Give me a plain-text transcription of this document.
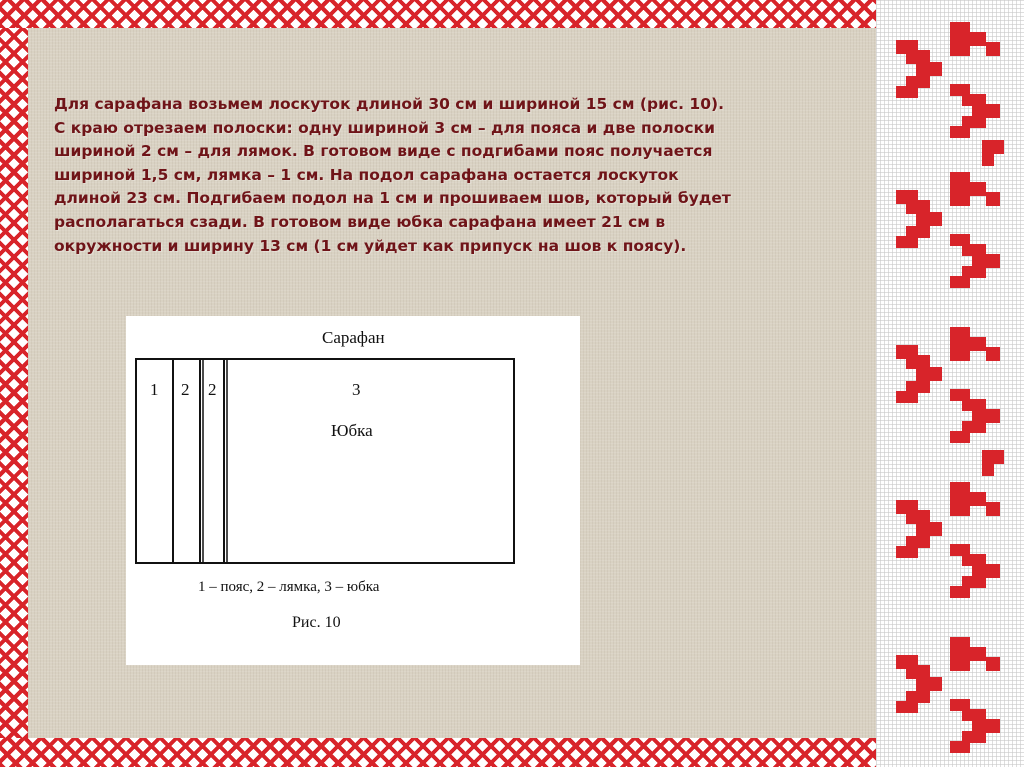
Для сарафана возьмем лоскуток длиной 30 см и шириной 15 см (рис. 10).
С краю отрезаем полоски: одну шириной 3 см – для пояса и две полоски
шириной 2 см – для лямок. В готовом виде с подгибами пояс получается
шириной 1,5 см, лямка – 1 см. На подол сарафана остается лоскуток
длиной 23 см. Подгибаем подол на 1 см и прошиваем шов, который будет
располагаться сзади. В готовом виде юбка сарафана имеет 21 см в
окружности и ширину 13 см (1 см уйдет как припуск на шов к поясу).
Сарафан
1 2 2	3
Юбка
1 – пояс, 2 – лямка, 3 – юбка
Рис. 10
